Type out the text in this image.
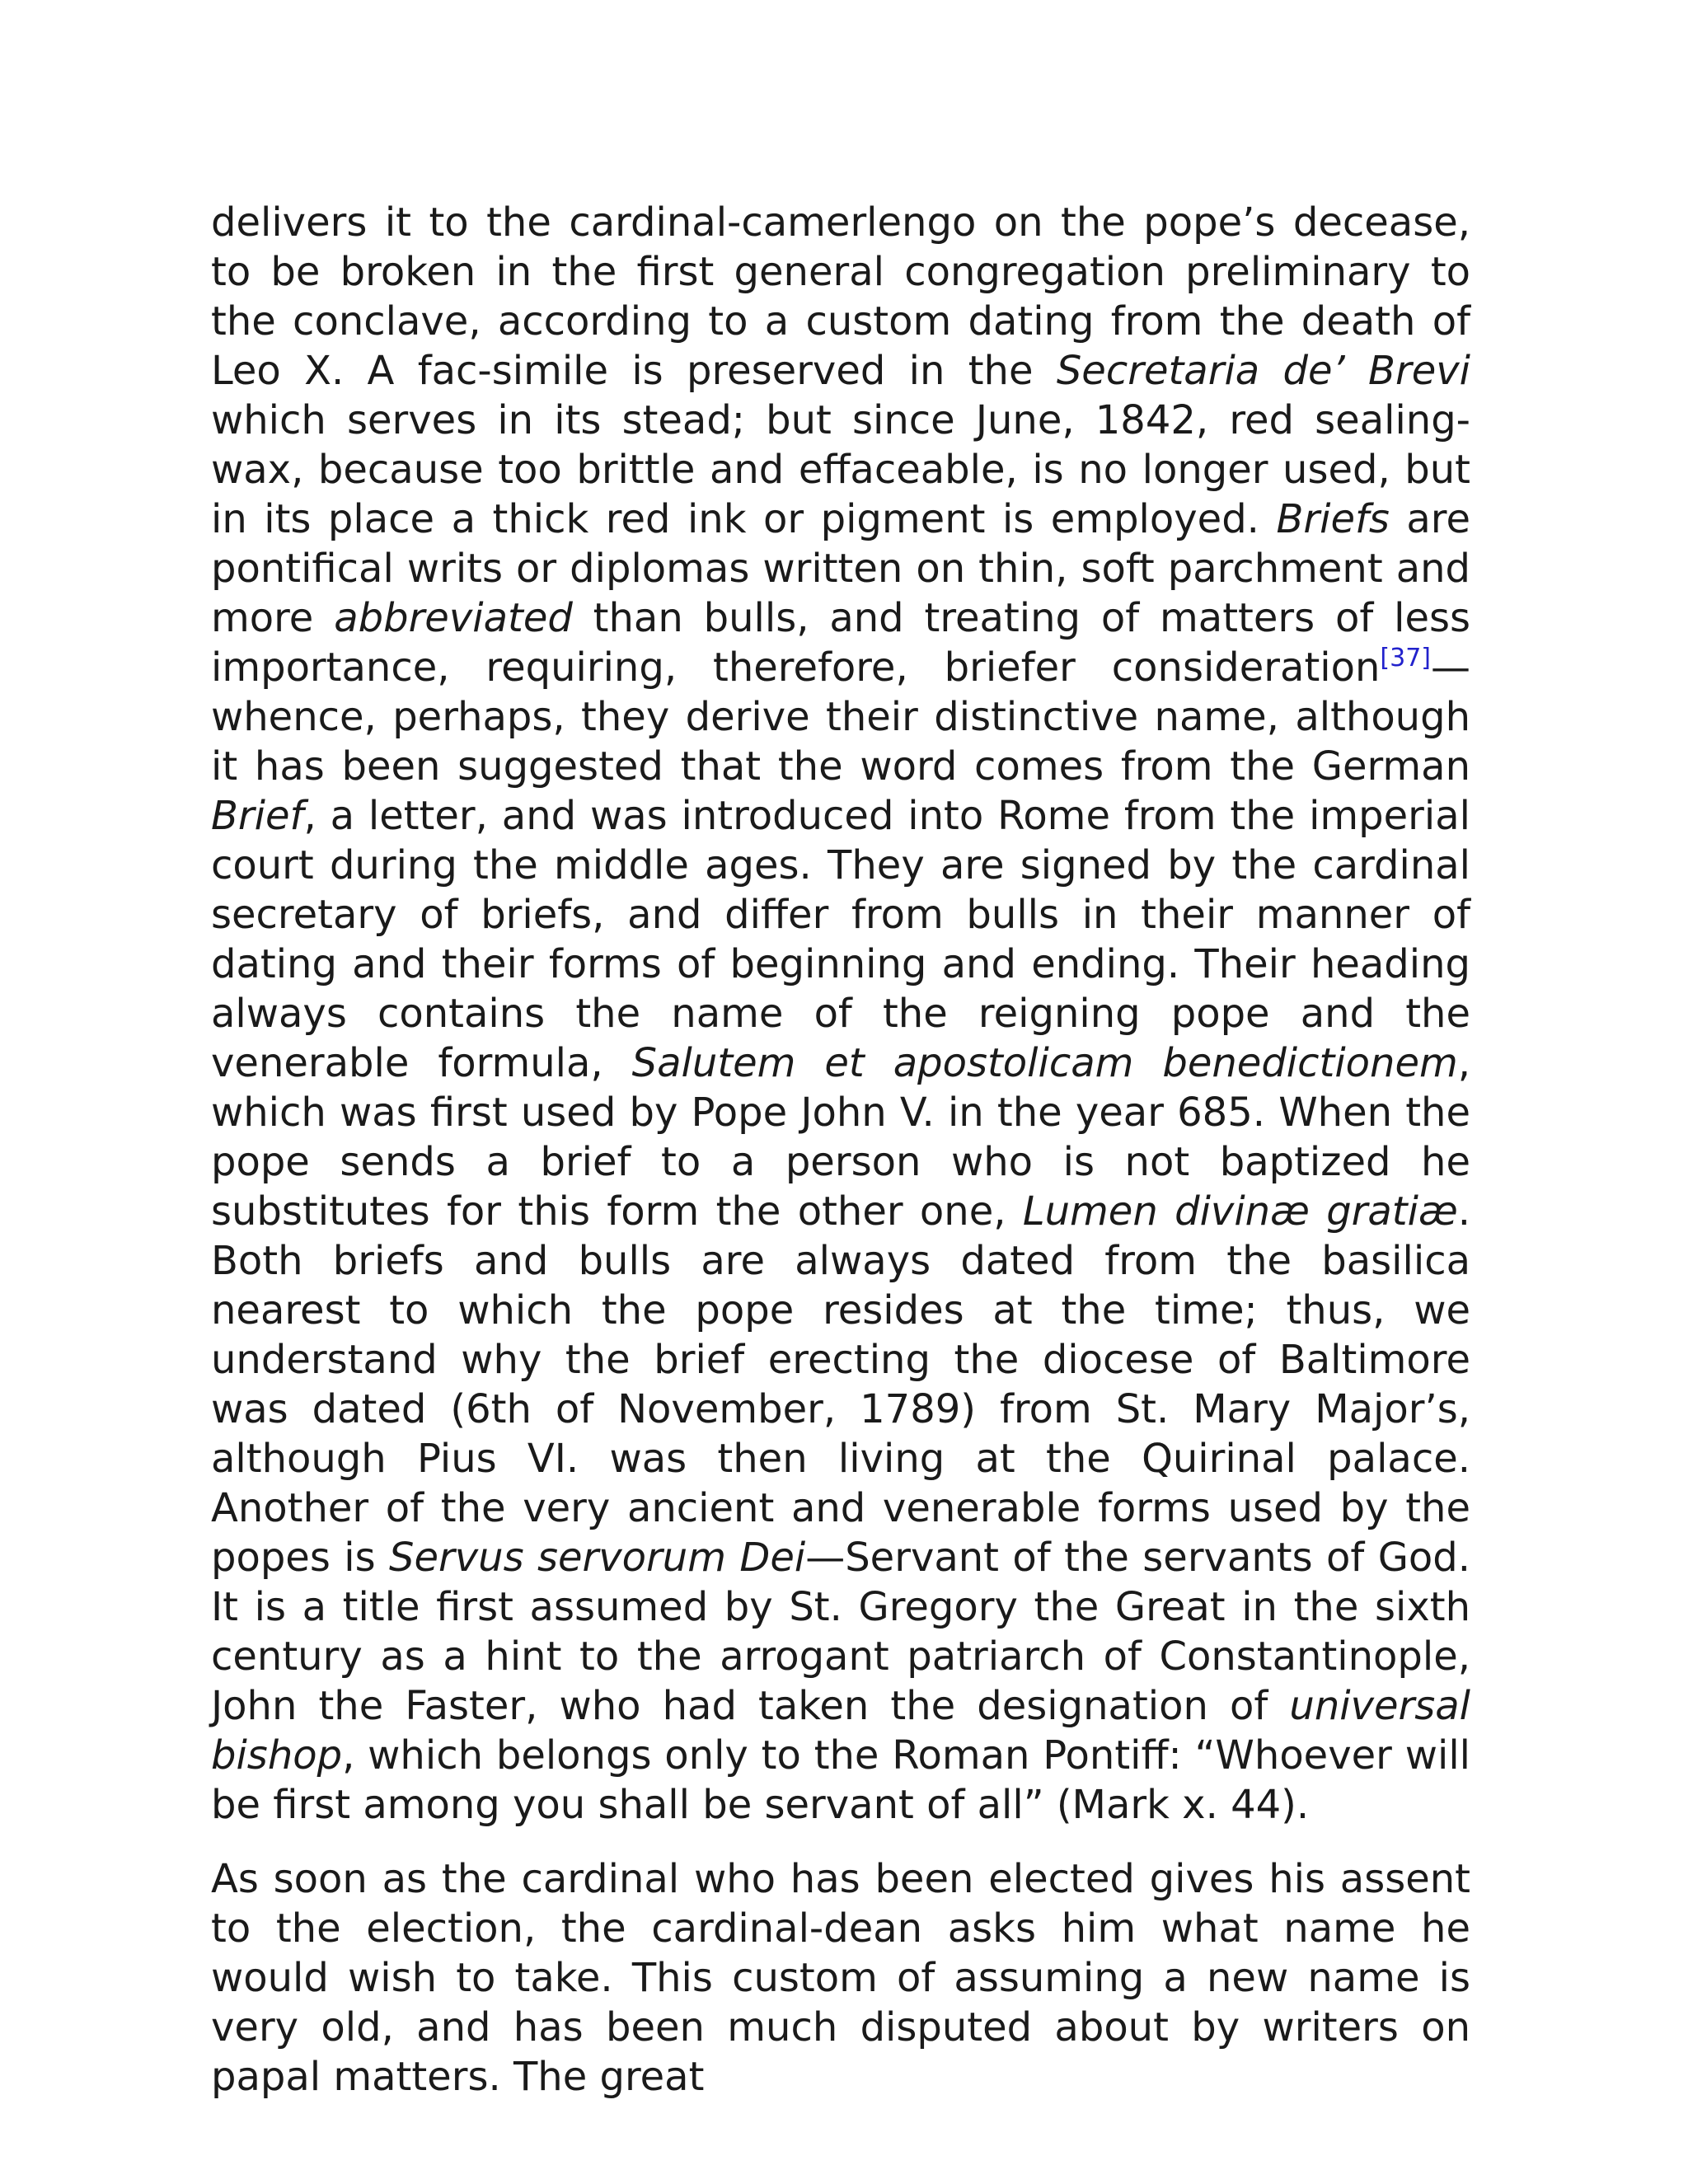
delivers it to the cardinal-camerlengo on the pope’s decease, to be broken in the first general congregation preliminary to the conclave, according to a custom dating from the death of Leo X. A fac-simile is preserved in the Secretaria de’ Brevi which serves in its stead; but since June, 1842, red sealing-wax, because too brittle and effaceable, is no longer used, but in its place a thick red ink or pigment is employed. Briefs are pontifical writs or diplomas written on thin, soft parchment and more abbreviated than bulls, and treating of matters of less importance, requiring, therefore, briefer consideration[37]—whence, perhaps, they derive their distinctive name, although it has been suggested that the word comes from the German Brief, a letter, and was introduced into Rome from the imperial court during the middle ages. They are signed by the cardinal secretary of briefs, and differ from bulls in their manner of dating and their forms of beginning and ending. Their heading always contains the name of the reigning pope and the venerable formula, Salutem et apostolicam benedictionem, which was first used by Pope John V. in the year 685. When the pope sends a brief to a person who is not baptized he substitutes for this form the other one, Lumen divinæ gratiæ. Both briefs and bulls are always dated from the basilica nearest to which the pope resides at the time; thus, we understand why the brief erecting the diocese of Baltimore was dated (6th of November, 1789) from St. Mary Major’s, although Pius VI. was then living at the Quirinal palace. Another of the very ancient and venerable forms used by the popes is Servus servorum Dei—Servant of the servants of God. It is a title first assumed by St. Gregory the Great in the sixth century as a hint to the arrogant patriarch of Constantinople, John the Faster, who had taken the designation of universal bishop, which belongs only to the Roman Pontiff: “Whoever will be first among you shall be servant of all” (Mark x. 44).

As soon as the cardinal who has been elected gives his assent to the election, the cardinal-dean asks him what name he would wish to take. This custom of assuming a new name is very old, and has been much disputed about by writers on papal matters. The great
